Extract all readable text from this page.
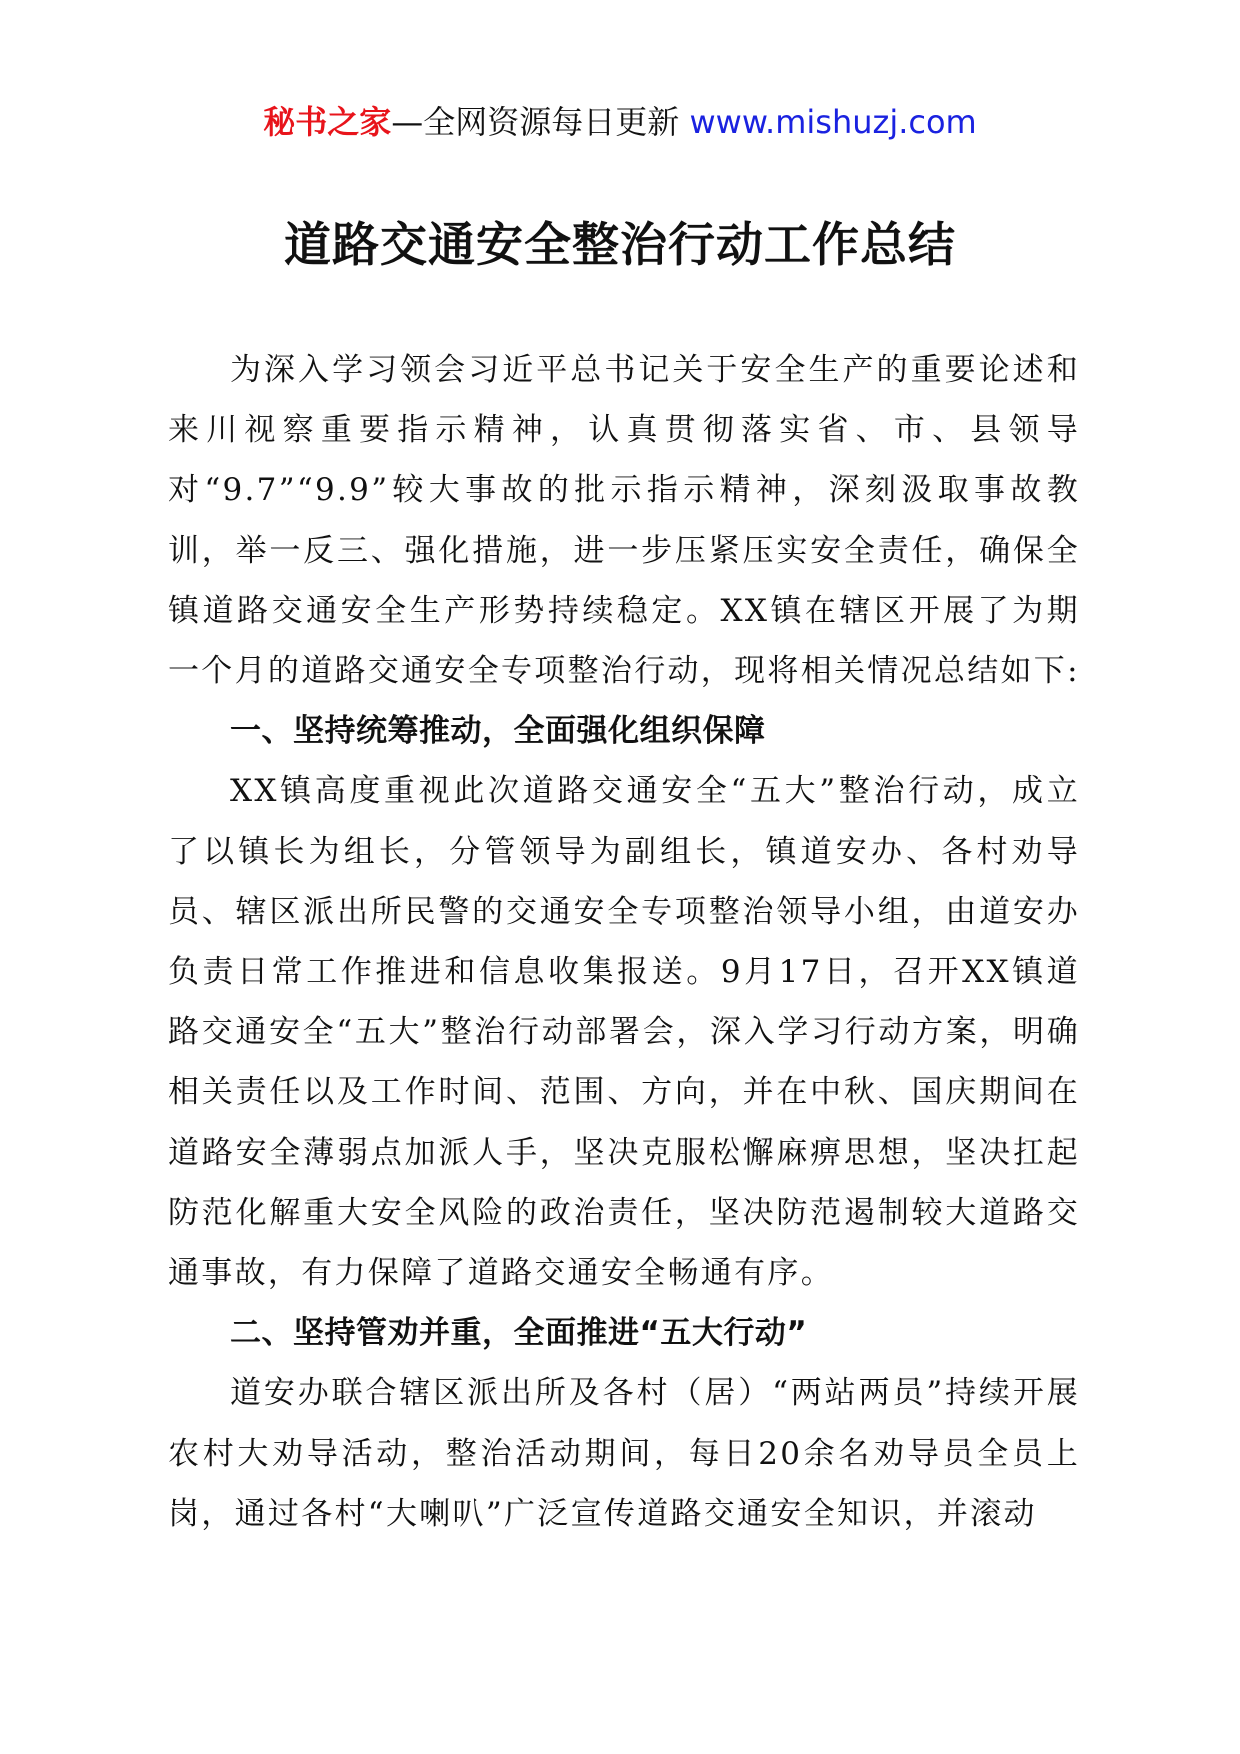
秘书之家—全网资源每日更新 www.mishuzj.com
道路交通安全整治行动工作总结

为深入学习领会习近平总书记关于安全生产的重要论述和来川视察重要指示精神，认真贯彻落实省、市、县领导对“9.7”“9.9”较大事故的批示指示精神，深刻汲取事故教训，举一反三、强化措施，进一步压紧压实安全责任，确保全镇道路交通安全生产形势持续稳定。XX镇在辖区开展了为期一个月的道路交通安全专项整治行动，现将相关情况总结如下:

一、坚持统筹推动，全面强化组织保障

XX镇高度重视此次道路交通安全“五大”整治行动，成立了以镇长为组长，分管领导为副组长，镇道安办、各村劝导员、辖区派出所民警的交通安全专项整治领导小组，由道安办负责日常工作推进和信息收集报送。9月17日，召开XX镇道路交通安全“五大”整治行动部署会，深入学习行动方案，明确相关责任以及工作时间、范围、方向，并在中秋、国庆期间在道路安全薄弱点加派人手，坚决克服松懈麻痹思想，坚决扛起防范化解重大安全风险的政治责任，坚决防范遏制较大道路交通事故，有力保障了道路交通安全畅通有序。

二、坚持管劝并重，全面推进“五大行动”

道安办联合辖区派出所及各村（居）“两站两员”持续开展农村大劝导活动，整治活动期间，每日20余名劝导员全员上岗，通过各村“大喇叭”广泛宣传道路交通安全知识，并滚动
